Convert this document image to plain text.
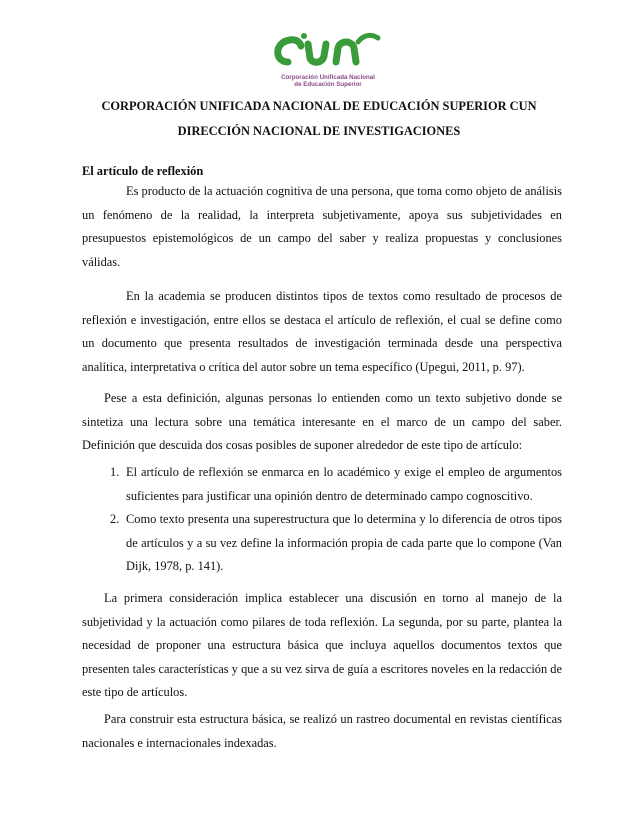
Corporación Unificada Nacional
de Educación Superior
CORPORACIÓN UNIFICADA NACIONAL DE EDUCACIÓN SUPERIOR CUN
DIRECCIÓN NACIONAL DE INVESTIGACIONES
El artículo de reflexión

Es producto de la actuación cognitiva de una persona, que toma como objeto de análisis un fenómeno de la realidad, la interpreta subjetivamente, apoya sus subjetividades en presupuestos epistemológicos de un campo del saber y realiza propuestas y conclusiones válidas.

En la academia se producen distintos tipos de textos como resultado de procesos de reflexión e investigación, entre ellos se destaca el artículo de reflexión, el cual se define como un documento que presenta resultados de investigación terminada desde una perspectiva analítica, interpretativa o crítica del autor sobre un tema específico (Upegui, 2011, p. 97).

Pese a esta definición, algunas personas lo entienden como un texto subjetivo donde se sintetiza una lectura sobre una temática interesante en el marco de un campo del saber. Definición que descuida dos cosas posibles de suponer alrededor de este tipo de artículo:

1. El artículo de reflexión se enmarca en lo académico y exige el empleo de argumentos suficientes para justificar una opinión dentro de determinado campo cognoscitivo.
2. Como texto presenta una superestructura que lo determina y lo diferencia de otros tipos de artículos y a su vez define la información propia de cada parte que lo compone (Van Dijk, 1978, p. 141).

La primera consideración implica establecer una discusión en torno al manejo de la subjetividad y la actuación como pilares de toda reflexión. La segunda, por su parte, plantea la necesidad de proponer una estructura básica que incluya aquellos documentos textos que presenten tales características y que a su vez sirva de guía a escritores noveles en la redacción de este tipo de artículos.

Para construir esta estructura básica, se realizó un rastreo documental en revistas científicas nacionales e internacionales indexadas.
